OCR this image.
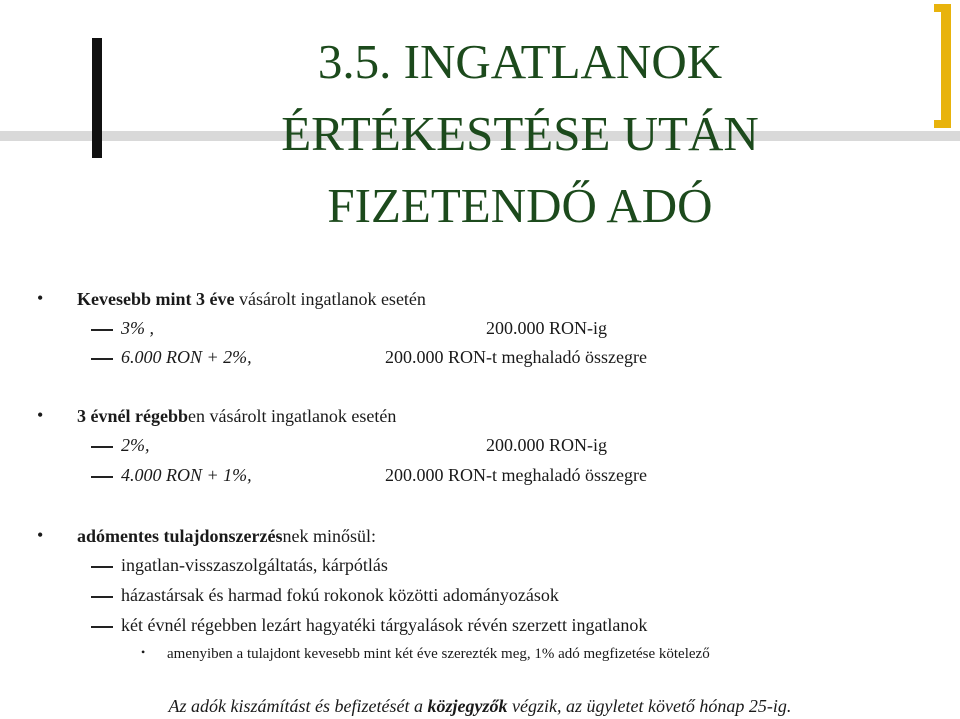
3.5. INGATLANOK
ÉRTÉKESTÉSE UTÁN
FIZETENDŐ ADÓ
• Kevesebb mint 3 éve vásárolt ingatlanok esetén
3% ,	200.000 RON-ig
6.000 RON + 2%,	200.000 RON-t meghaladó összegre
• 3 évnél régebben vásárolt ingatlanok esetén
2%,	200.000 RON-ig
4.000 RON + 1%,	200.000 RON-t meghaladó összegre
• adómentes tulajdonszerzésnek minősül:
ingatlan-visszaszolgáltatás, kárpótlás
házastársak és harmad fokú rokonok közötti adományozások
két évnél régebben lezárt hagyatéki tárgyalások révén szerzett ingatlanok
• amenyiben a tulajdont kevesebb mint két éve szerezték meg, 1% adó megfizetése kötelező
Az adók kiszámítást és befizetését a közjegyzők végzik, az ügyletet követő hónap 25-ig.
